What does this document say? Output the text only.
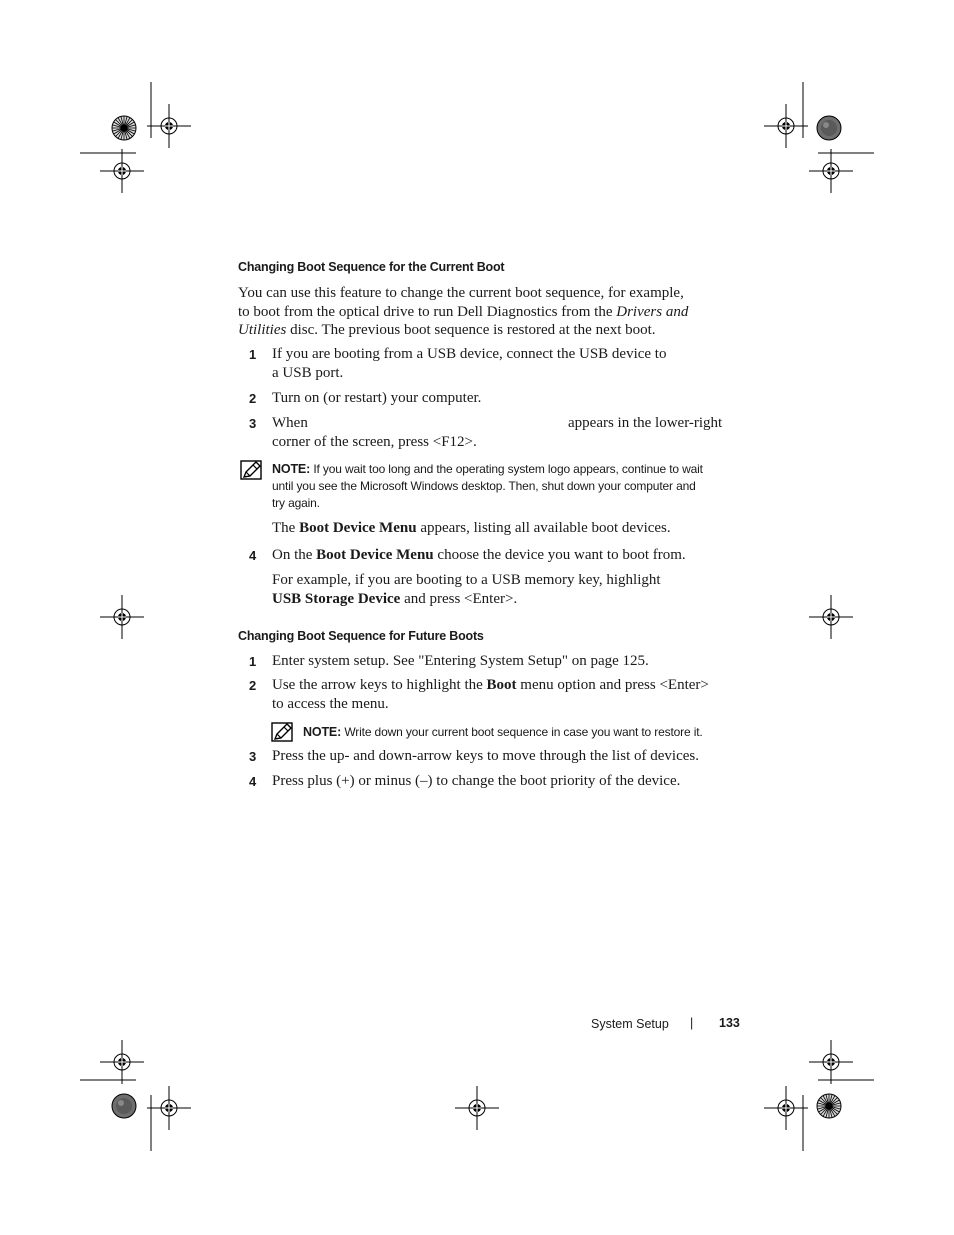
Changing Boot Sequence for the Current Boot
You can use this feature to change the current boot sequence, for example,
to boot from the optical drive to run Dell Diagnostics from the Drivers and
Utilities disc. The previous boot sequence is restored at the next boot.
1 If you are booting from a USB device, connect the USB device to
a USB port.
2 Turn on (or restart) your computer.
3 When	appears in the lower-right
corner of the screen, press <F12>.
NOTE: If you wait too long and the operating system logo appears, continue to wait
until you see the Microsoft Windows desktop. Then, shut down your computer and
try again.
The Boot Device Menu appears, listing all available boot devices.
4 On the Boot Device Menu choose the device you want to boot from.
For example, if you are booting to a USB memory key, highlight
USB Storage Device and press <Enter>.
Changing Boot Sequence for Future Boots
1 Enter system setup. See "Entering System Setup" on page 125.
2 Use the arrow keys to highlight the Boot menu option and press <Enter>
to access the menu.
NOTE: Write down your current boot sequence in case you want to restore it.
3 Press the up- and down-arrow keys to move through the list of devices.
4 Press plus (+) or minus (–) to change the boot priority of the device.
System Setup | 133
